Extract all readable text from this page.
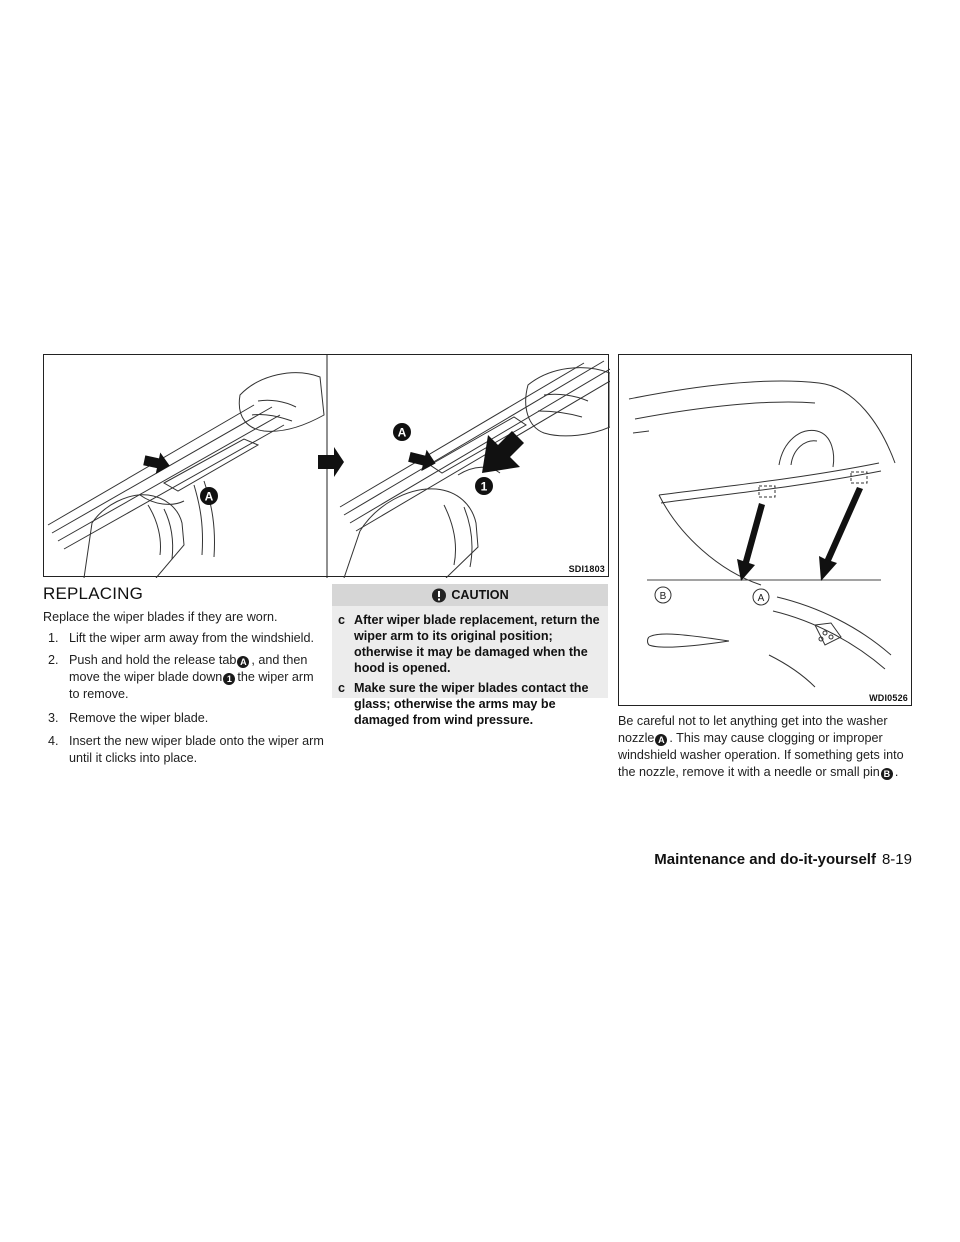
A
A
1
SDI1803
B	A
WDI0526
REPLACING
Replace the wiper blades if they are worn.
1. Lift the wiper arm away from the windshield.
2. Push and hold the release tab A , and then move the wiper blade down 1 the wiper arm to remove.
3. Remove the wiper blade.
4. Insert the new wiper blade onto the wiper arm until it clicks into place.
CAUTION
c After wiper blade replacement, return the wiper arm to its original position; otherwise it may be damaged when the hood is opened.
c Make sure the wiper blades contact the glass; otherwise the arms may be damaged from wind pressure.	Be careful not to let anything get into the washer nozzle A . This may cause clogging or improper windshield washer operation. If something gets into the nozzle, remove it with a needle or small pin B .
Maintenance and do-it-yourself 8-19
